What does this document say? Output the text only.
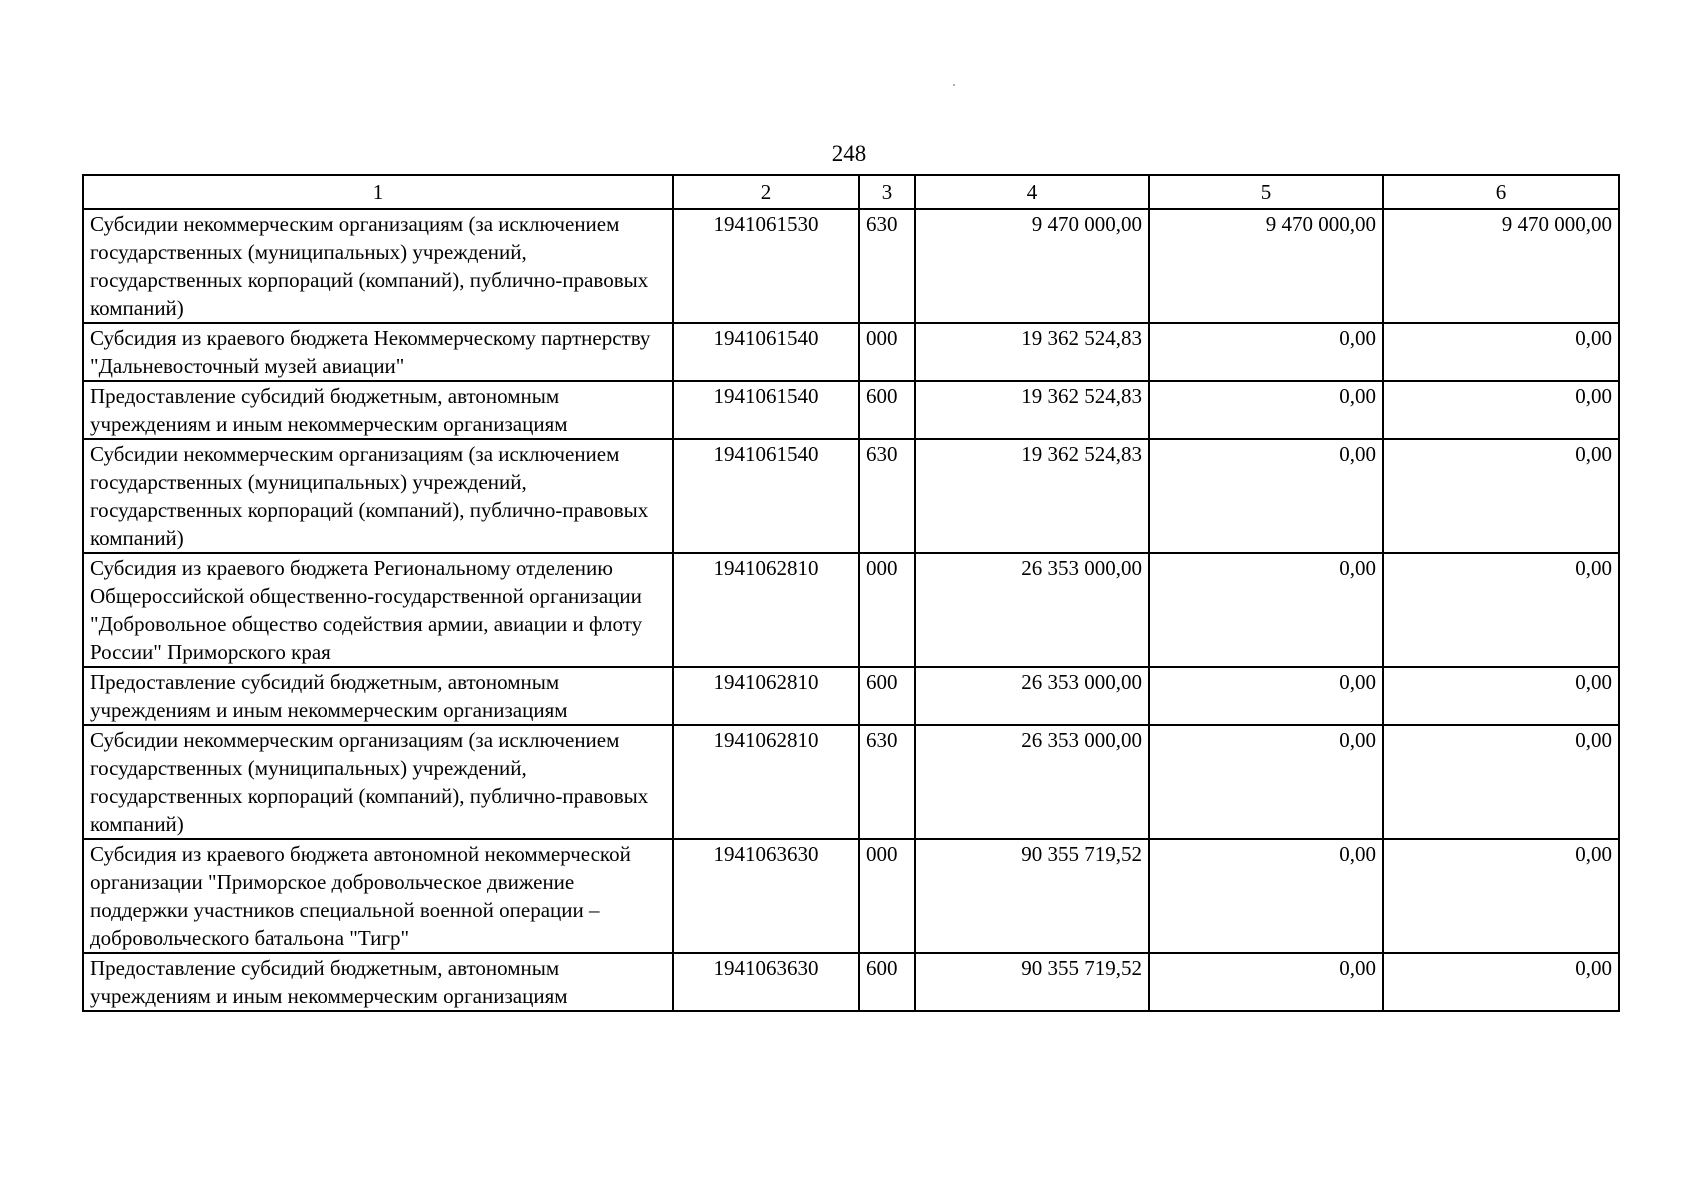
248
1	2	3	4	5	6
Субсидии некоммерческим организациям (за исключением государственных (муниципальных) учреждений, государственных корпораций (компаний), публично-правовых компаний)	1941061530	630	9 470 000,00	9 470 000,00	9 470 000,00
Субсидия из краевого бюджета Некоммерческому партнерству "Дальневосточный музей авиации"	1941061540	000	19 362 524,83	0,00	0,00
Предоставление субсидий бюджетным, автономным учреждениям и иным некоммерческим организациям	1941061540	600	19 362 524,83	0,00	0,00
Субсидии некоммерческим организациям (за исключением государственных (муниципальных) учреждений, государственных корпораций (компаний), публично-правовых компаний)	1941061540	630	19 362 524,83	0,00	0,00
Субсидия из краевого бюджета Региональному отделению Общероссийской общественно-государственной организации "Добровольное общество содействия армии, авиации и флоту России" Приморского края	1941062810	000	26 353 000,00	0,00	0,00
Предоставление субсидий бюджетным, автономным учреждениям и иным некоммерческим организациям	1941062810	600	26 353 000,00	0,00	0,00
Субсидии некоммерческим организациям (за исключением государственных (муниципальных) учреждений, государственных корпораций (компаний), публично-правовых компаний)	1941062810	630	26 353 000,00	0,00	0,00
Субсидия из краевого бюджета автономной некоммерческой организации "Приморское добровольческое движение поддержки участников специальной военной операции – добровольческого батальона "Тигр"	1941063630	000	90 355 719,52	0,00	0,00
Предоставление субсидий бюджетным, автономным учреждениям и иным некоммерческим организациям	1941063630	600	90 355 719,52	0,00	0,00
